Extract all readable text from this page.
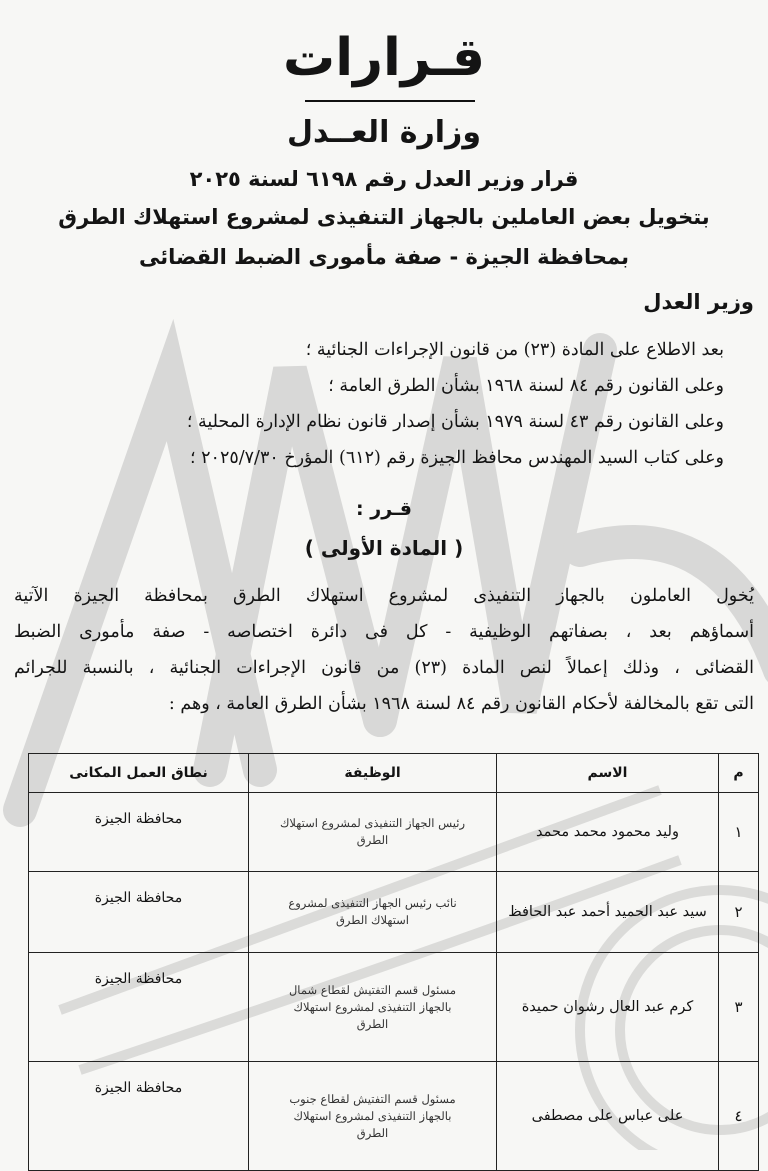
قـرارات
وزارة العــدل
قرار وزير العدل رقم ٦١٩٨ لسنة ٢٠٢٥
بتخويل بعض العاملين بالجهاز التنفيذى لمشروع استهلاك الطرق
بمحافظة الجيزة - صفة مأمورى الضبط القضائى
وزير العدل
بعد الاطلاع على المادة (٢٣) من قانون الإجراءات الجنائية ؛
وعلى القانون رقم ٨٤ لسنة ١٩٦٨ بشأن الطرق العامة ؛
وعلى القانون رقم ٤٣ لسنة ١٩٧٩ بشأن إصدار قانون نظام الإدارة المحلية ؛
وعلى كتاب السيد المهندس محافظ الجيزة رقم (٦١٢) المؤرخ ٢٠٢٥/٧/٣٠ ؛
قـرر :
( المادة الأولى )
يُخول العاملون بالجهاز التنفيذى لمشروع استهلاك الطرق بمحافظة الجيزة الآتية
أسماؤهم بعد ، بصفاتهم الوظيفية - كل فى دائرة اختصاصه - صفة مأمورى الضبط
القضائى ، وذلك إعمالاً لنص المادة (٢٣) من قانون الإجراءات الجنائية ، بالنسبة للجرائم
التى تقع بالمخالفة لأحكام القانون رقم ٨٤ لسنة ١٩٦٨ بشأن الطرق العامة ، وهم :
م	الاسم	الوظيفة	نطاق العمل المكانى
١	وليد محمود محمد محمد	رئيس الجهاز التنفيذى لمشروع استهلاك
الطرق	محافظة الجيزة
٢	سيد عبد الحميد أحمد عبد الحافظ	نائب رئيس الجهاز التنفيذى لمشروع
استهلاك الطرق	محافظة الجيزة
٣	كرم عبد العال رشوان حميدة	مسئول قسم التفتيش لقطاع شمال
بالجهاز التنفيذى لمشروع استهلاك
الطرق	محافظة الجيزة
٤	على عباس على مصطفى	مسئول قسم التفتيش لقطاع جنوب
بالجهاز التنفيذى لمشروع استهلاك
الطرق	محافظة الجيزة
